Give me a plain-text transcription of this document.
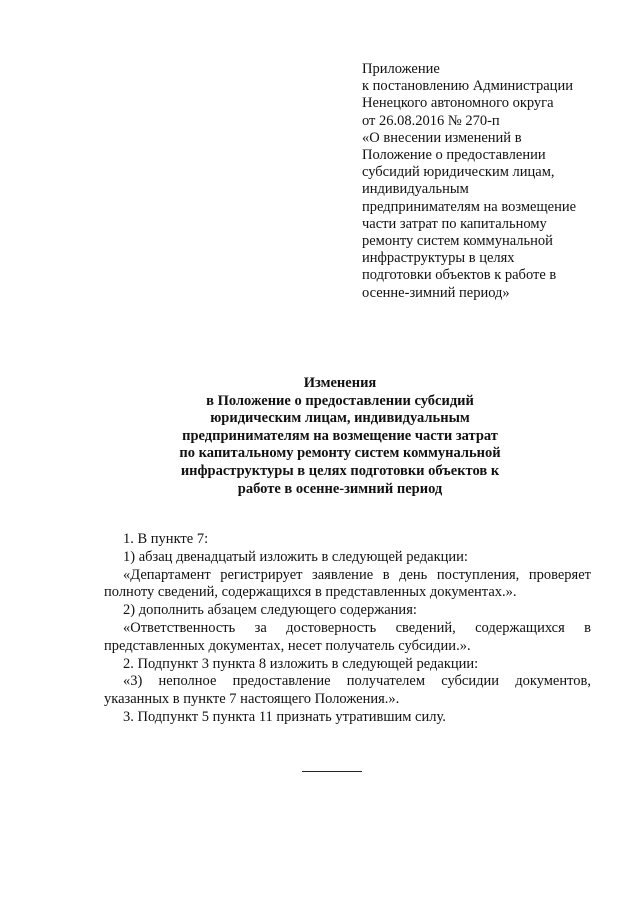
Приложение
к постановлению Администрации
Ненецкого автономного округа
от 26.08.2016 № 270-п
«О внесении изменений в
Положение о предоставлении
субсидий юридическим лицам,
индивидуальным
предпринимателям на возмещение
части затрат по капитальному
ремонту систем коммунальной
инфраструктуры в целях
подготовки объектов к работе в
осенне-зимний период»
Изменения
в Положение о предоставлении субсидий
юридическим лицам, индивидуальным
предпринимателям на возмещение части затрат
по капитальному ремонту систем коммунальной
инфраструктуры в целях подготовки объектов к
работе в осенне-зимний период
1. В пункте 7:
1) абзац двенадцатый изложить в следующей редакции:
«Департамент регистрирует заявление в день поступления, проверяет
полноту сведений, содержащихся в представленных документах.».
2) дополнить абзацем следующего содержания:
«Ответственность за достоверность сведений, содержащихся в
представленных документах, несет получатель субсидии.».
2. Подпункт 3 пункта 8 изложить в следующей редакции:
«3) неполное предоставление получателем субсидии документов,
указанных в пункте 7 настоящего Положения.».
3. Подпункт 5 пункта 11 признать утратившим силу.
